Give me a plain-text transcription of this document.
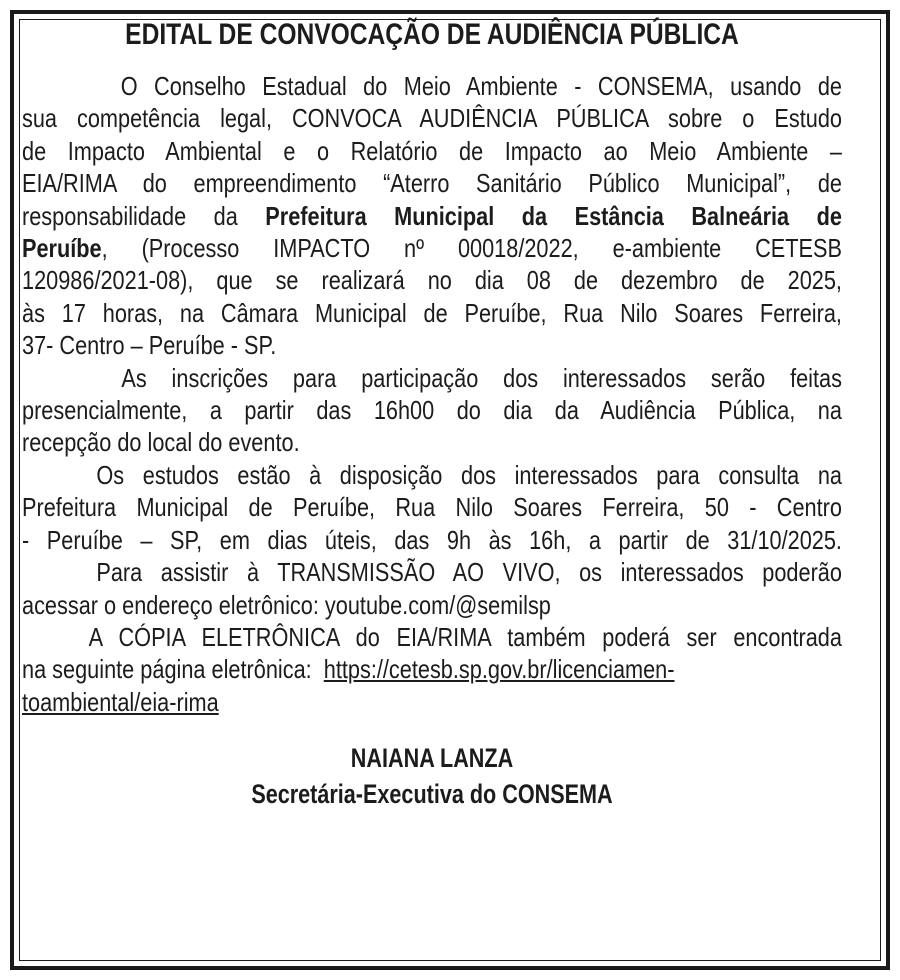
EDITAL DE CONVOCAÇÃO DE AUDIÊNCIA PÚBLICA
O Conselho Estadual do Meio Ambiente - CONSEMA, usando de
sua competência legal, CONVOCA AUDIÊNCIA PÚBLICA sobre o Estudo
de Impacto Ambiental e o Relatório de Impacto ao Meio Ambiente –
EIA/RIMA do empreendimento “Aterro Sanitário Público Municipal”, de
responsabilidade da Prefeitura Municipal da Estância Balneária de
Peruíbe, (Processo IMPACTO nº 00018/2022, e-ambiente CETESB
120986/2021-08), que se realizará no dia 08 de dezembro de 2025,
às 17 horas, na Câmara Municipal de Peruíbe, Rua Nilo Soares Ferreira,
37- Centro – Peruíbe - SP.
As inscrições para participação dos interessados serão feitas
presencialmente, a partir das 16h00 do dia da Audiência Pública, na
recepção do local do evento.
Os estudos estão à disposição dos interessados para consulta na
Prefeitura Municipal de Peruíbe, Rua Nilo Soares Ferreira, 50 - Centro
- Peruíbe – SP, em dias úteis, das 9h às 16h, a partir de 31/10/2025.
Para assistir à TRANSMISSÃO AO VIVO, os interessados poderão
acessar o endereço eletrônico: youtube.com/@semilsp
A CÓPIA ELETRÔNICA do EIA/RIMA também poderá ser encontrada
na seguinte página eletrônica:  https://cetesb.sp.gov.br/licenciamen-
toambiental/eia-rima
NAIANA LANZA
Secretária-Executiva do CONSEMA
